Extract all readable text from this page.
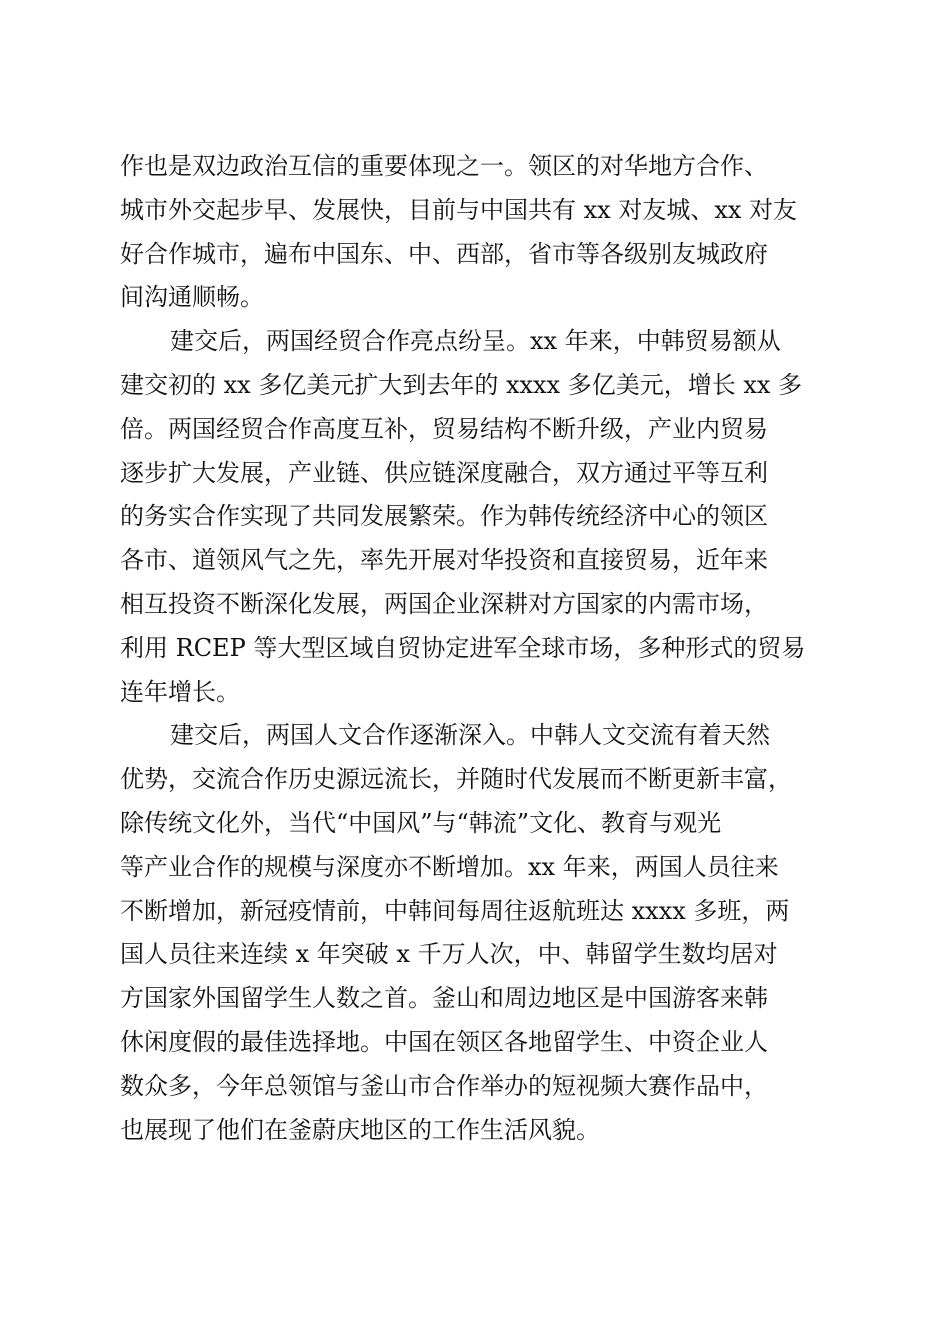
作也是双边政治互信的重要体现之一。领区的对华地方合作、
城市外交起步早、发展快，目前与中国共有 xx 对友城、xx 对友
好合作城市，遍布中国东、中、西部，省市等各级别友城政府
间沟通顺畅。
建交后，两国经贸合作亮点纷呈。xx 年来，中韩贸易额从
建交初的 xx 多亿美元扩大到去年的 xxxx 多亿美元，增长 xx 多
倍。两国经贸合作高度互补，贸易结构不断升级，产业内贸易
逐步扩大发展，产业链、供应链深度融合，双方通过平等互利
的务实合作实现了共同发展繁荣。作为韩传统经济中心的领区
各市、道领风气之先，率先开展对华投资和直接贸易，近年来
相互投资不断深化发展，两国企业深耕对方国家的内需市场，
利用 RCEP 等大型区域自贸协定进军全球市场，多种形式的贸易
连年增长。
建交后，两国人文合作逐渐深入。中韩人文交流有着天然
优势，交流合作历史源远流长，并随时代发展而不断更新丰富，
除传统文化外，当代“中国风”与“韩流”文化、教育与观光
等产业合作的规模与深度亦不断增加。xx 年来，两国人员往来
不断增加，新冠疫情前，中韩间每周往返航班达 xxxx 多班，两
国人员往来连续 x 年突破 x 千万人次，中、韩留学生数均居对
方国家外国留学生人数之首。釜山和周边地区是中国游客来韩
休闲度假的最佳选择地。中国在领区各地留学生、中资企业人
数众多，今年总领馆与釜山市合作举办的短视频大赛作品中，
也展现了他们在釜蔚庆地区的工作生活风貌。
